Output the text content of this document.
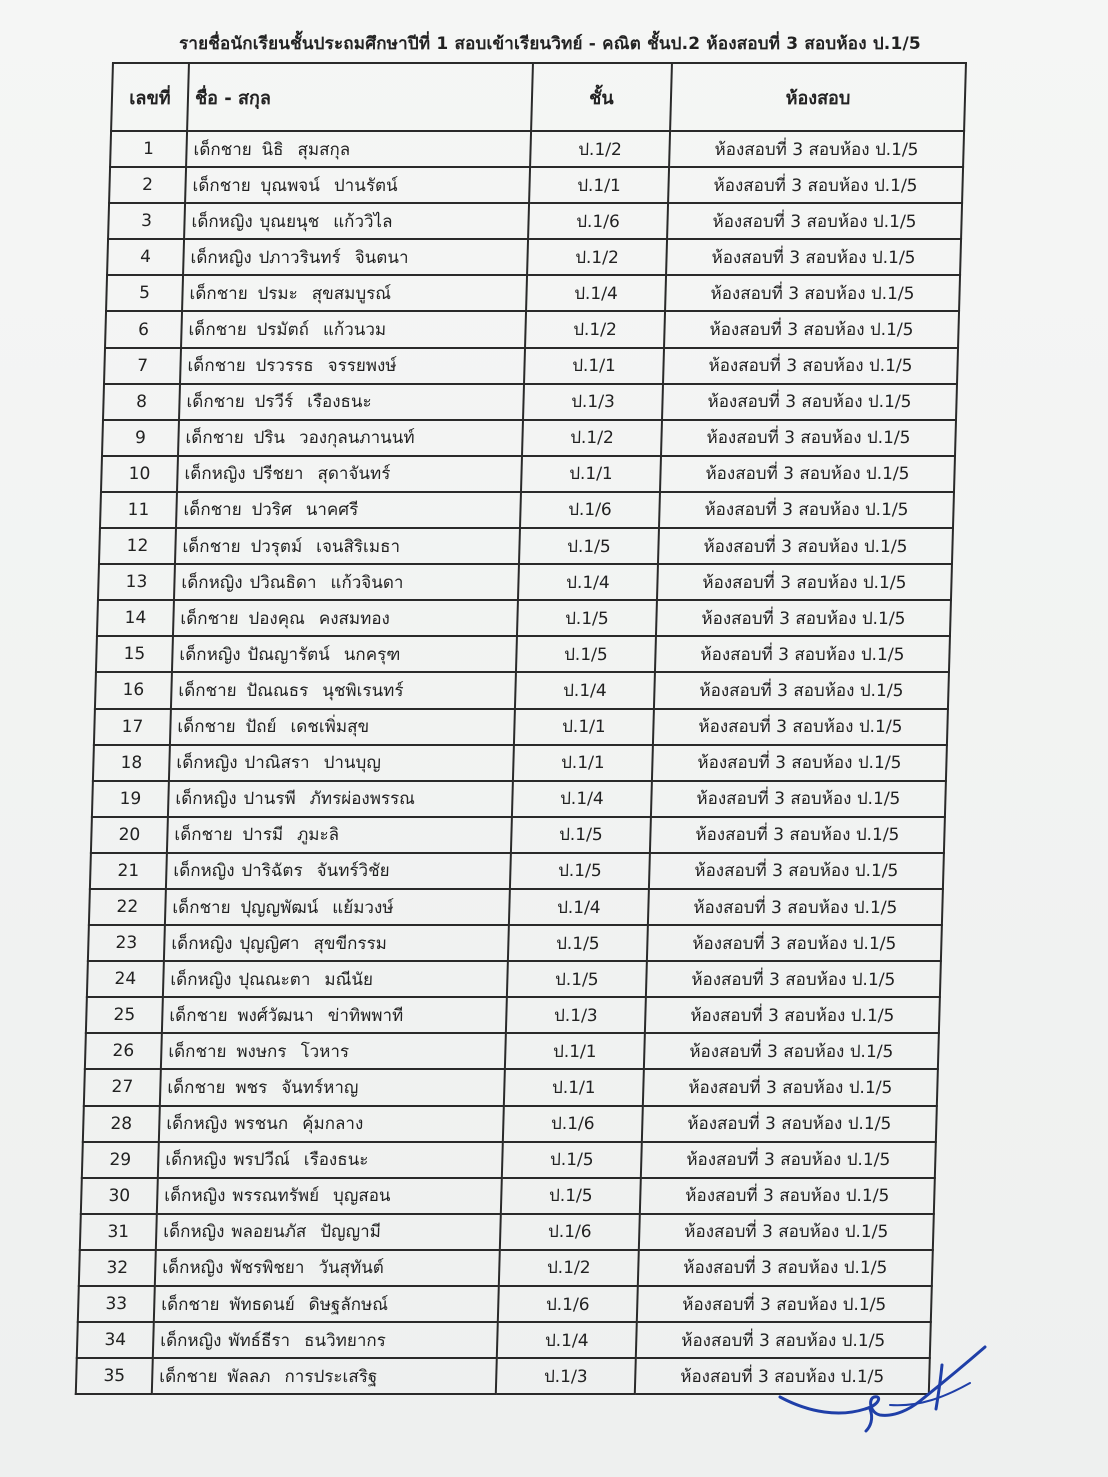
รายชื่อนักเรียนชั้นประถมศึกษาปีที่ 1 สอบเข้าเรียนวิทย์ - คณิต ชั้นป.2 ห้องสอบที่ 3 สอบห้อง ป.1/5
เลขที่	ชื่อ - สกุล	ชั้น	ห้องสอบ
1	เด็กชาย นิธิ สุมสกุล	ป.1/2	ห้องสอบที่ 3 สอบห้อง ป.1/5
2	เด็กชาย บุณพจน์ ปานรัตน์	ป.1/1	ห้องสอบที่ 3 สอบห้อง ป.1/5
3	เด็กหญิง บุณยนุช แก้ววิไล	ป.1/6	ห้องสอบที่ 3 สอบห้อง ป.1/5
4	เด็กหญิง ปภาวรินทร์ จินตนา	ป.1/2	ห้องสอบที่ 3 สอบห้อง ป.1/5
5	เด็กชาย ปรมะ สุขสมบูรณ์	ป.1/4	ห้องสอบที่ 3 สอบห้อง ป.1/5
6	เด็กชาย ปรมัตถ์ แก้วนวม	ป.1/2	ห้องสอบที่ 3 สอบห้อง ป.1/5
7	เด็กชาย ปรวรรธ จรรยพงษ์	ป.1/1	ห้องสอบที่ 3 สอบห้อง ป.1/5
8	เด็กชาย ปรวีร์ เรืองธนะ	ป.1/3	ห้องสอบที่ 3 สอบห้อง ป.1/5
9	เด็กชาย ปริน วองกุลนภานนท์	ป.1/2	ห้องสอบที่ 3 สอบห้อง ป.1/5
10	เด็กหญิง ปรีชยา สุดาจันทร์	ป.1/1	ห้องสอบที่ 3 สอบห้อง ป.1/5
11	เด็กชาย ปวริศ นาคศรี	ป.1/6	ห้องสอบที่ 3 สอบห้อง ป.1/5
12	เด็กชาย ปวรุตม์ เจนสิริเมธา	ป.1/5	ห้องสอบที่ 3 สอบห้อง ป.1/5
13	เด็กหญิง ปวิณธิดา แก้วจินดา	ป.1/4	ห้องสอบที่ 3 สอบห้อง ป.1/5
14	เด็กชาย ปองคุณ คงสมทอง	ป.1/5	ห้องสอบที่ 3 สอบห้อง ป.1/5
15	เด็กหญิง ปัณญารัตน์ นกครุฑ	ป.1/5	ห้องสอบที่ 3 สอบห้อง ป.1/5
16	เด็กชาย ปัณณธร นุชพิเรนทร์	ป.1/4	ห้องสอบที่ 3 สอบห้อง ป.1/5
17	เด็กชาย ปัถย์ เดชเพิ่มสุข	ป.1/1	ห้องสอบที่ 3 สอบห้อง ป.1/5
18	เด็กหญิง ปาณิสรา ปานบุญ	ป.1/1	ห้องสอบที่ 3 สอบห้อง ป.1/5
19	เด็กหญิง ปานรพี ภัทรผ่องพรรณ	ป.1/4	ห้องสอบที่ 3 สอบห้อง ป.1/5
20	เด็กชาย ปารมี ภูมะลิ	ป.1/5	ห้องสอบที่ 3 สอบห้อง ป.1/5
21	เด็กหญิง ปาริฉัตร จันทร์วิชัย	ป.1/5	ห้องสอบที่ 3 สอบห้อง ป.1/5
22	เด็กชาย ปุญญพัฒน์ แย้มวงษ์	ป.1/4	ห้องสอบที่ 3 สอบห้อง ป.1/5
23	เด็กหญิง ปุญญิศา สุขขีกรรม	ป.1/5	ห้องสอบที่ 3 สอบห้อง ป.1/5
24	เด็กหญิง ปุณณะตา มณีนัย	ป.1/5	ห้องสอบที่ 3 สอบห้อง ป.1/5
25	เด็กชาย พงศ์วัฒนา ข่าทิพพาที	ป.1/3	ห้องสอบที่ 3 สอบห้อง ป.1/5
26	เด็กชาย พงษกร โวหาร	ป.1/1	ห้องสอบที่ 3 สอบห้อง ป.1/5
27	เด็กชาย พชร จันทร์หาญ	ป.1/1	ห้องสอบที่ 3 สอบห้อง ป.1/5
28	เด็กหญิง พรชนก คุ้มกลาง	ป.1/6	ห้องสอบที่ 3 สอบห้อง ป.1/5
29	เด็กหญิง พรปวีณ์ เรืองธนะ	ป.1/5	ห้องสอบที่ 3 สอบห้อง ป.1/5
30	เด็กหญิง พรรณทรัพย์ บุญสอน	ป.1/5	ห้องสอบที่ 3 สอบห้อง ป.1/5
31	เด็กหญิง พลอยนภัส ปัญญามี	ป.1/6	ห้องสอบที่ 3 สอบห้อง ป.1/5
32	เด็กหญิง พัชรพิชยา วันสุทันต์	ป.1/2	ห้องสอบที่ 3 สอบห้อง ป.1/5
33	เด็กชาย พัทธดนย์ ดิษฐลักษณ์	ป.1/6	ห้องสอบที่ 3 สอบห้อง ป.1/5
34	เด็กหญิง พัทธ์ธีรา ธนวิทยากร	ป.1/4	ห้องสอบที่ 3 สอบห้อง ป.1/5
35	เด็กชาย พัลลภ การประเสริฐ	ป.1/3	ห้องสอบที่ 3 สอบห้อง ป.1/5
